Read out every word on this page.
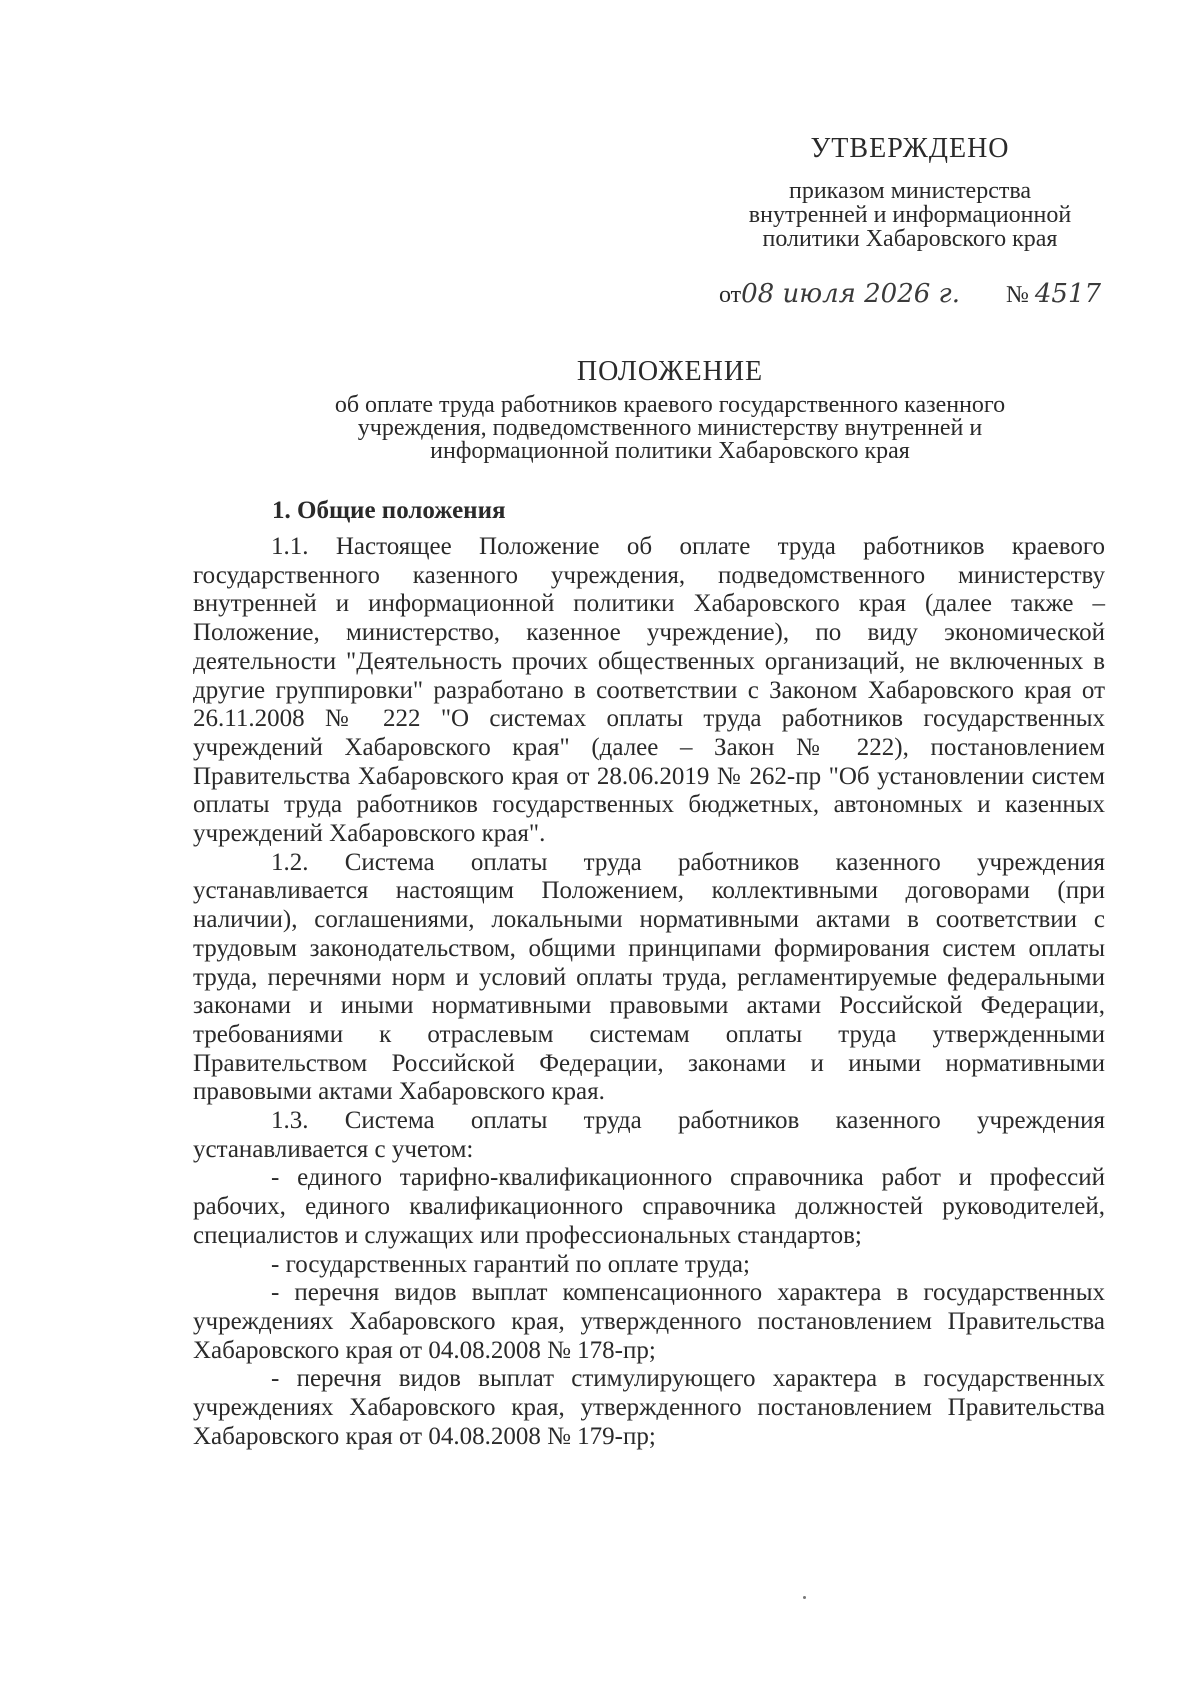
УТВЕРЖДЕНО
приказом министерства
внутренней и информационной
политики Хабаровского края
от08 июля 2026 г. № 4517
ПОЛОЖЕНИЕ
об оплате труда работников краевого государственного казенного
учреждения, подведомственного министерству внутренней и
информационной политики Хабаровского края
1. Общие положения

1.1. Настоящее Положение об оплате труда работников краевого государственного казенного учреждения, подведомственного министерству внутренней и информационной политики Хабаровского края (далее также – Положение, министерство, казенное учреждение), по виду экономической деятельности "Деятельность прочих общественных организаций, не включенных в другие группировки" разработано в соответствии с Законом Хабаровского края от 26.11.2008 № 222 "О системах оплаты труда работников государственных учреждений Хабаровского края" (далее – Закон № 222), постановлением Правительства Хабаровского края от 28.06.2019 № 262-пр "Об установлении систем оплаты труда работников государственных бюджетных, автономных и казенных учреждений Хабаровского края".

1.2. Система оплаты труда работников казенного учреждения устанавливается настоящим Положением, коллективными договорами (при наличии), соглашениями, локальными нормативными актами в соответствии с трудовым законодательством, общими принципами формирования систем оплаты труда, перечнями норм и условий оплаты труда, регламентируемые федеральными законами и иными нормативными правовыми актами Российской Федерации, требованиями к отраслевым системам оплаты труда утвержденными Правительством Российской Федерации, законами и иными нормативными правовыми актами Хабаровского края.

1.3. Система оплаты труда работников казенного учреждения устанавливается с учетом:

- единого тарифно-квалификационного справочника работ и профессий рабочих, единого квалификационного справочника должностей руководителей, специалистов и служащих или профессиональных стандартов;

- государственных гарантий по оплате труда;

- перечня видов выплат компенсационного характера в государственных учреждениях Хабаровского края, утвержденного постановлением Правительства Хабаровского края от 04.08.2008 № 178-пр;

- перечня видов выплат стимулирующего характера в государственных учреждениях Хабаровского края, утвержденного постановлением Правительства Хабаровского края от 04.08.2008 № 179-пр;
